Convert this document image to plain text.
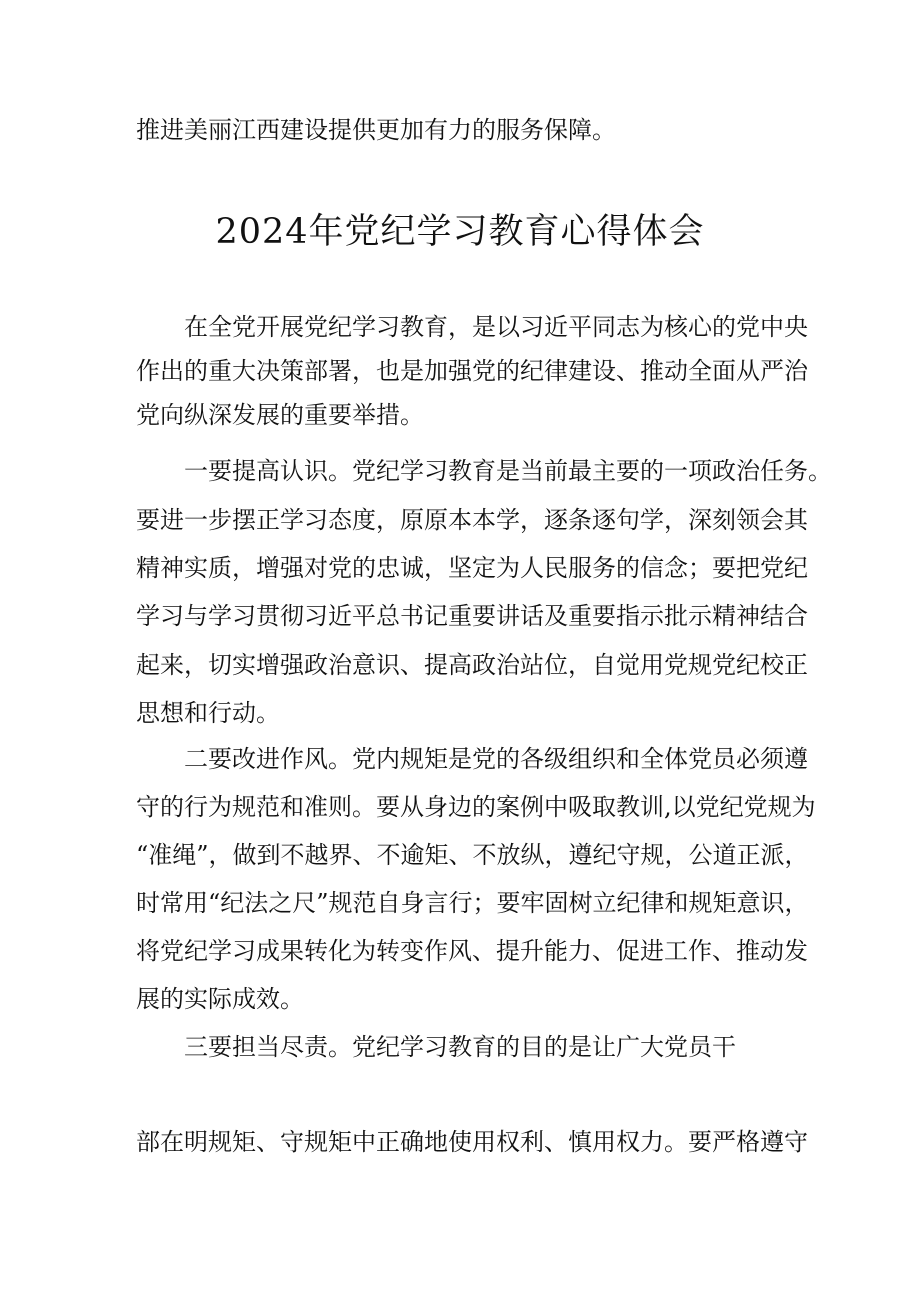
推进美丽江西建设提供更加有力的服务保障。
2024年党纪学习教育心得体会
在全党开展党纪学习教育，是以习近平同志为核心的党中央
作出的重大决策部署，也是加强党的纪律建设、推动全面从严治
党向纵深发展的重要举措。
一要提高认识。党纪学习教育是当前最主要的一项政治任务。
要进一步摆正学习态度，原原本本学，逐条逐句学，深刻领会其
精神实质，增强对党的忠诚，坚定为人民服务的信念；要把党纪
学习与学习贯彻习近平总书记重要讲话及重要指示批示精神结合
起来，切实增强政治意识、提高政治站位，自觉用党规党纪校正
思想和行动。
二要改进作风。党内规矩是党的各级组织和全体党员必须遵
守的行为规范和准则。要从身边的案例中吸取教训,以党纪党规为
“准绳”，做到不越界、不逾矩、不放纵，遵纪守规，公道正派，
时常用“纪法之尺”规范自身言行；要牢固树立纪律和规矩意识，
将党纪学习成果转化为转变作风、提升能力、促进工作、推动发
展的实际成效。
三要担当尽责。党纪学习教育的目的是让广大党员干
部在明规矩、守规矩中正确地使用权利、慎用权力。要严格遵守
